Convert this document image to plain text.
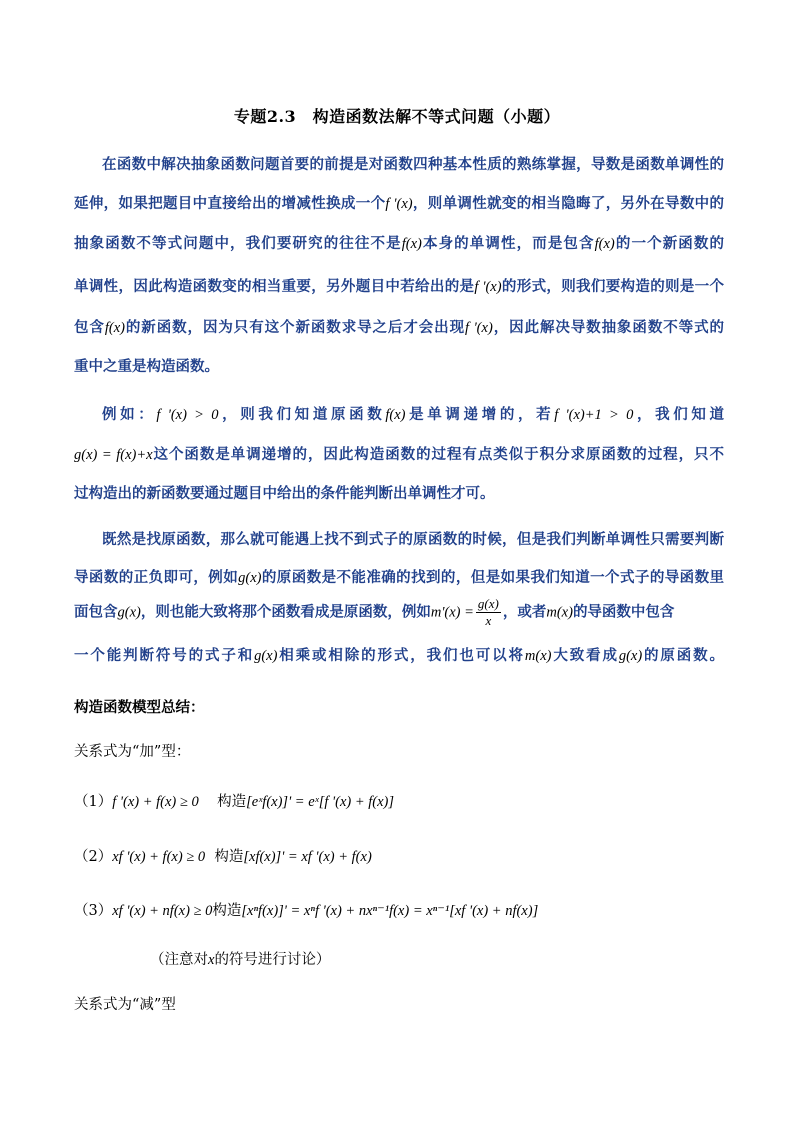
专题2.3　构造函数法解不等式问题（小题）
在函数中解决抽象函数问题首要的前提是对函数四种基本性质的熟练掌握，导数是函数单调性的
延伸，如果把题目中直接给出的增减性换成一个f '(x)，则单调性就变的相当隐晦了，另外在导数中的
抽象函数不等式问题中，我们要研究的往往不是f(x)本身的单调性，而是包含f(x)的一个新函数的
单调性，因此构造函数变的相当重要，另外题目中若给出的是f '(x)的形式，则我们要构造的则是一个
包含f(x)的新函数，因为只有这个新函数求导之后才会出现f '(x)，因此解决导数抽象函数不等式的
重中之重是构造函数。
例如：f '(x) > 0，则我们知道原函数f(x)是单调递增的，若f '(x)+1 > 0，我们知道
g(x) = f(x)+x这个函数是单调递增的，因此构造函数的过程有点类似于积分求原函数的过程，只不
过构造出的新函数要通过题目中给出的条件能判断出单调性才可。
既然是找原函数，那么就可能遇上找不到式子的原函数的时候，但是我们判断单调性只需要判断
导函数的正负即可，例如g(x)的原函数是不能准确的找到的，但是如果我们知道一个式子的导函数里
面包含g(x)，则也能大致将那个函数看成是原函数，例如$m'(x) = \frac{g(x)}{x}$ ，或者m(x)的导函数中包含
一个能判断符号的式子和g(x)相乘或相除的形式，我们也可以将m(x)大致看成g(x)的原函数。
构造函数模型总结：
关系式为“加”型：
（1）f '(x) + f(x) ≥ 0 构造[eˣf(x)]' = eˣ[f '(x) + f(x)]
（2）xf '(x) + f(x) ≥ 0 构造[xf(x)]' = xf '(x) + f(x)
（3）xf '(x) + nf(x) ≥ 0构造[xⁿf(x)]' = xⁿf '(x) + nxⁿ⁻¹f(x) = xⁿ⁻¹[xf '(x) + nf(x)]
（注意对x的符号进行讨论）
关系式为“减”型
